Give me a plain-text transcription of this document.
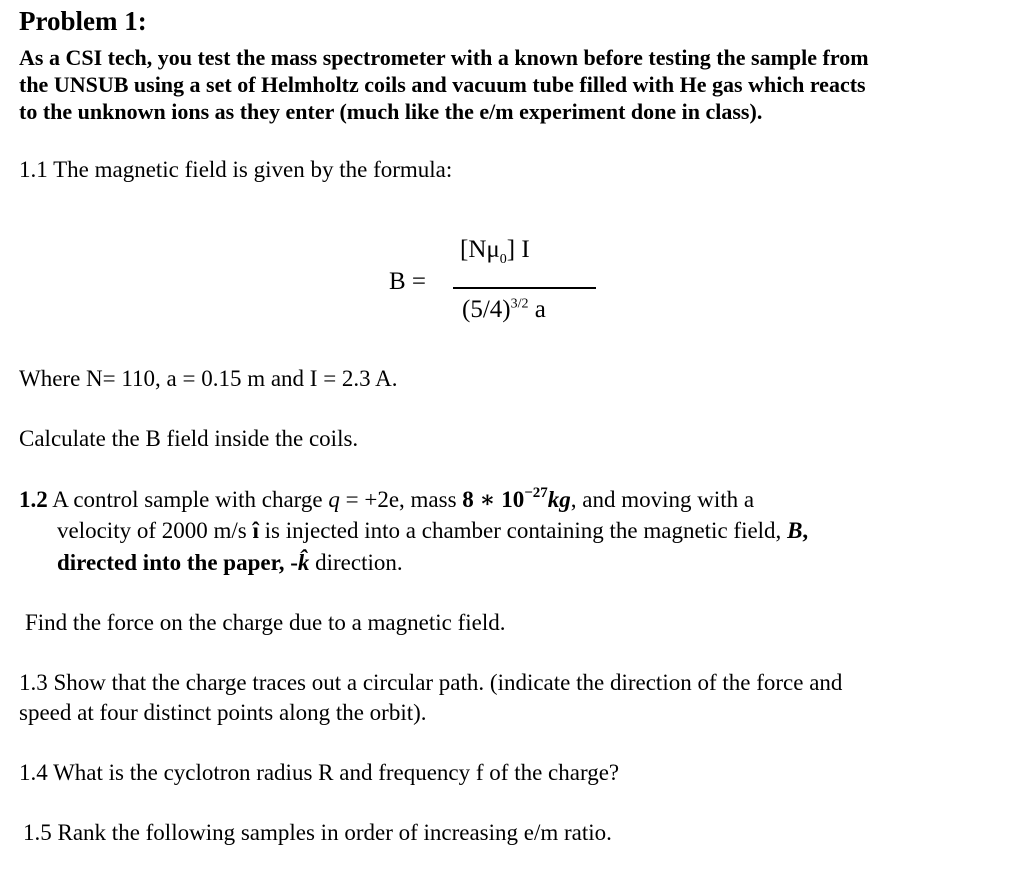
Problem 1:
As a CSI tech, you test the mass spectrometer with a known before testing the sample from
the UNSUB using a set of Helmholtz coils and vacuum tube filled with He gas which reacts
to the unknown ions as they enter (much like the e/m experiment done in class).
1.1 The magnetic field is given by the formula:
B =
$[N\mu_0]$ I
$(5/4)^{3/2}$ a
Where N= 110, a = 0.15 m and I = 2.3 A.
Calculate the B field inside the coils.
1.2 A control sample with charge q = +2e, mass 8 ∗ $10^{-27}kg$, and moving with a
velocity of 2000 m/s î is injected into a chamber containing the magnetic field, B,
directed into the paper, -k̂ direction.
Find the force on the charge due to a magnetic field.
1.3 Show that the charge traces out a circular path. (indicate the direction of the force and
speed at four distinct points along the orbit).
1.4 What is the cyclotron radius R and frequency f of the charge?
1.5 Rank the following samples in order of increasing e/m ratio.
